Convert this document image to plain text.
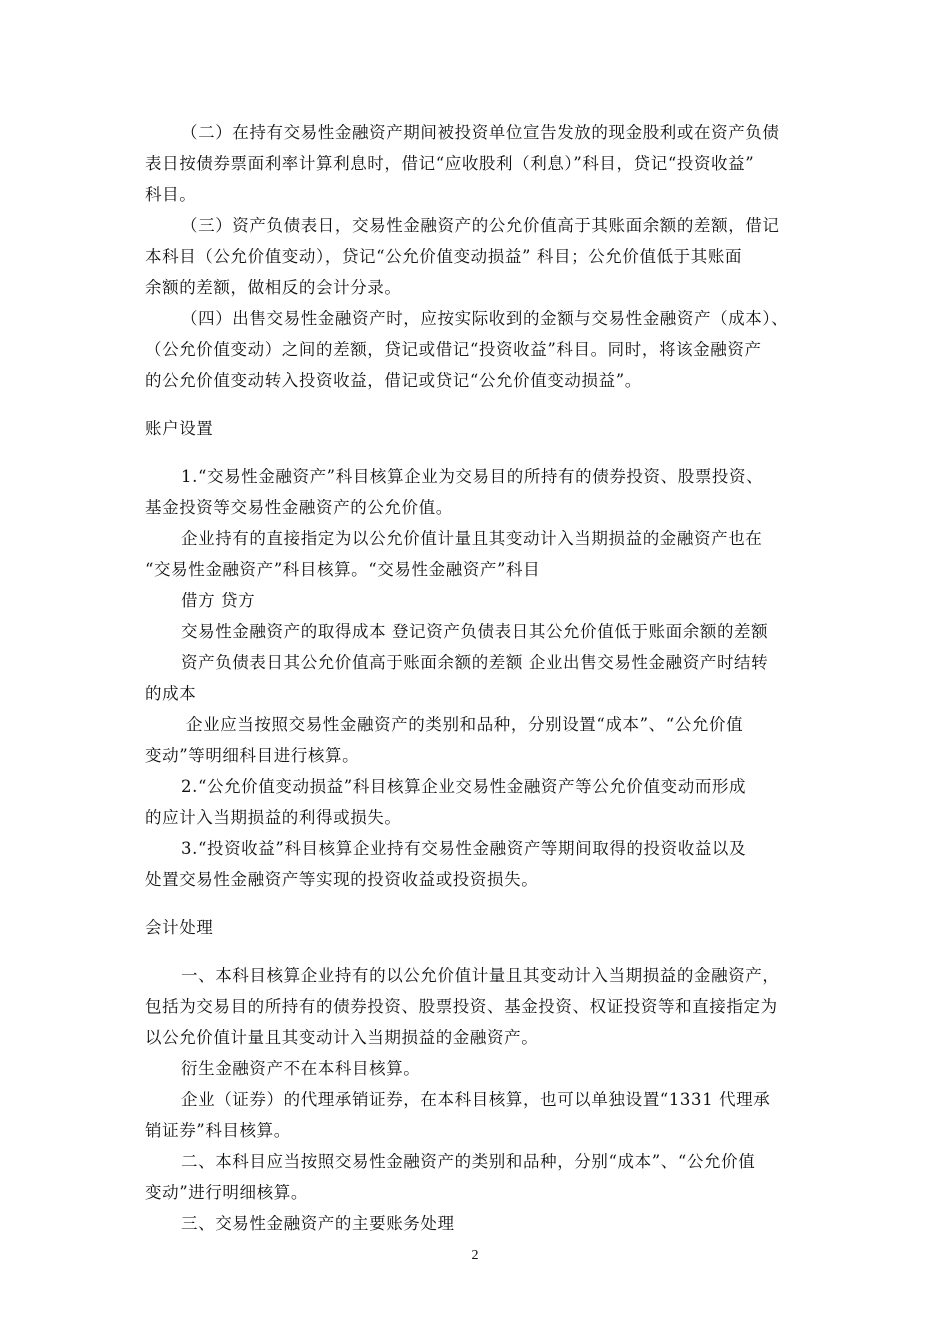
（二）在持有交易性金融资产期间被投资单位宣告发放的现金股利或在资产负债
表日按债券票面利率计算利息时，借记“应收股利（利息）”科目，贷记“投资收益”
科目。
（三）资产负债表日，交易性金融资产的公允价值高于其账面余额的差额，借记
本科目（公允价值变动），贷记“公允价值变动损益” 科目；公允价值低于其账面
余额的差额，做相反的会计分录。
（四）出售交易性金融资产时，应按实际收到的金额与交易性金融资产（成本）、
（公允价值变动）之间的差额，贷记或借记“投资收益”科目。同时，将该金融资产
的公允价值变动转入投资收益，借记或贷记“公允价值变动损益”。
账户设置
1.“交易性金融资产”科目核算企业为交易目的所持有的债券投资、股票投资、
基金投资等交易性金融资产的公允价值。
企业持有的直接指定为以公允价值计量且其变动计入当期损益的金融资产也在
“交易性金融资产”科目核算。“交易性金融资产”科目
借方 贷方
交易性金融资产的取得成本 登记资产负债表日其公允价值低于账面余额的差额
资产负债表日其公允价值高于账面余额的差额 企业出售交易性金融资产时结转
的成本
企业应当按照交易性金融资产的类别和品种，分别设置“成本”、“公允价值
变动”等明细科目进行核算。
2.“公允价值变动损益”科目核算企业交易性金融资产等公允价值变动而形成
的应计入当期损益的利得或损失。
3.“投资收益”科目核算企业持有交易性金融资产等期间取得的投资收益以及
处置交易性金融资产等实现的投资收益或投资损失。
会计处理
一、本科目核算企业持有的以公允价值计量且其变动计入当期损益的金融资产，
包括为交易目的所持有的债券投资、股票投资、基金投资、权证投资等和直接指定为
以公允价值计量且其变动计入当期损益的金融资产。
衍生金融资产不在本科目核算。
企业（证券）的代理承销证券，在本科目核算，也可以单独设置“1331 代理承
销证券”科目核算。
二、本科目应当按照交易性金融资产的类别和品种，分别“成本”、“公允价值
变动”进行明细核算。
三、交易性金融资产的主要账务处理
2
